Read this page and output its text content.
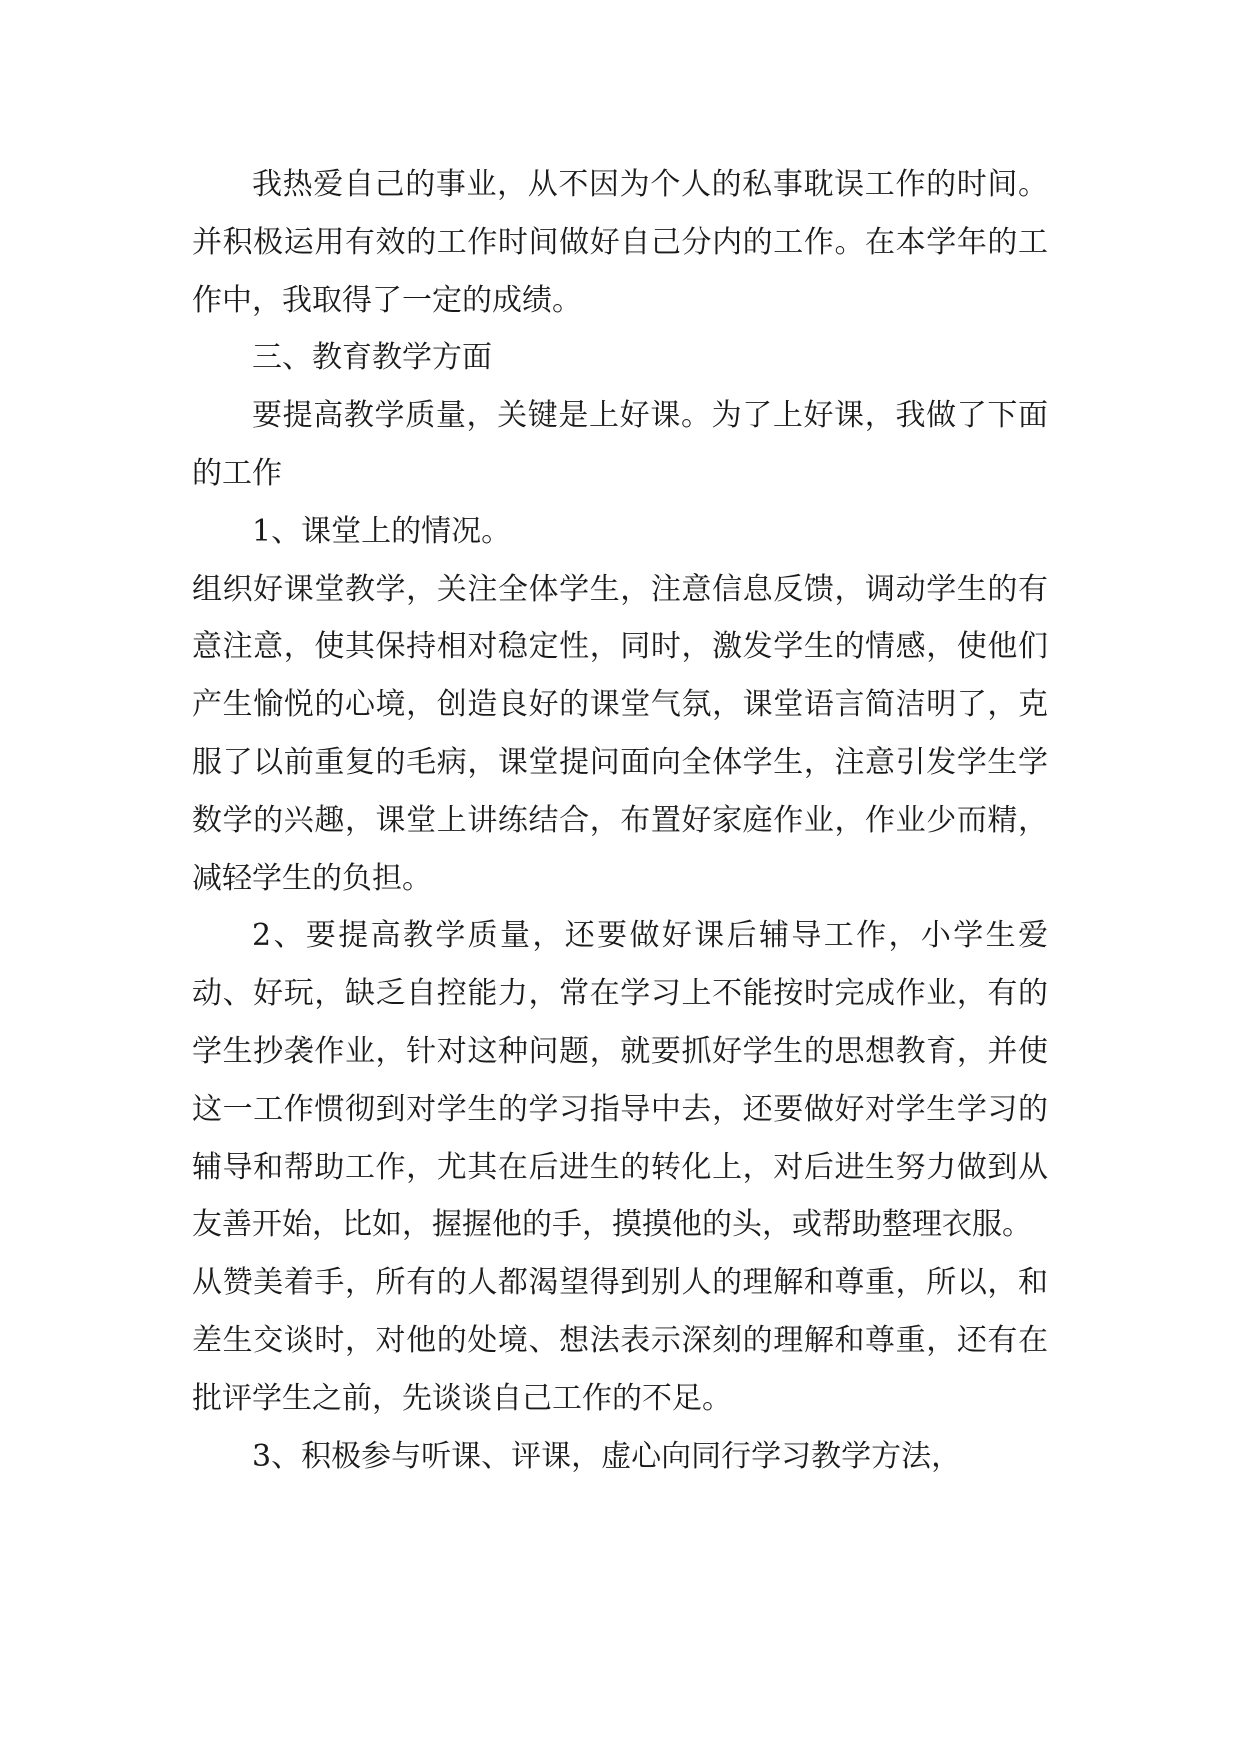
我热爱自己的事业，从不因为个人的私事耽误工作的时间。并积极运用有效的工作时间做好自己分内的工作。在本学年的工作中，我取得了一定的成绩。

三、教育教学方面

要提高教学质量，关键是上好课。为了上好课，我做了下面的工作

1、课堂上的情况。

组织好课堂教学，关注全体学生，注意信息反馈，调动学生的有意注意，使其保持相对稳定性，同时，激发学生的情感，使他们产生愉悦的心境，创造良好的课堂气氛，课堂语言简洁明了，克服了以前重复的毛病，课堂提问面向全体学生，注意引发学生学数学的兴趣，课堂上讲练结合，布置好家庭作业，作业少而精，减轻学生的负担。

2、要提高教学质量，还要做好课后辅导工作，小学生爱动、好玩，缺乏自控能力，常在学习上不能按时完成作业，有的学生抄袭作业，针对这种问题，就要抓好学生的思想教育，并使这一工作惯彻到对学生的学习指导中去，还要做好对学生学习的辅导和帮助工作，尤其在后进生的转化上，对后进生努力做到从友善开始，比如，握握他的手，摸摸他的头，或帮助整理衣服。

从赞美着手，所有的人都渴望得到别人的理解和尊重，所以，和差生交谈时，对他的处境、想法表示深刻的理解和尊重，还有在批评学生之前，先谈谈自己工作的不足。

3、积极参与听课、评课，虚心向同行学习教学方法，
